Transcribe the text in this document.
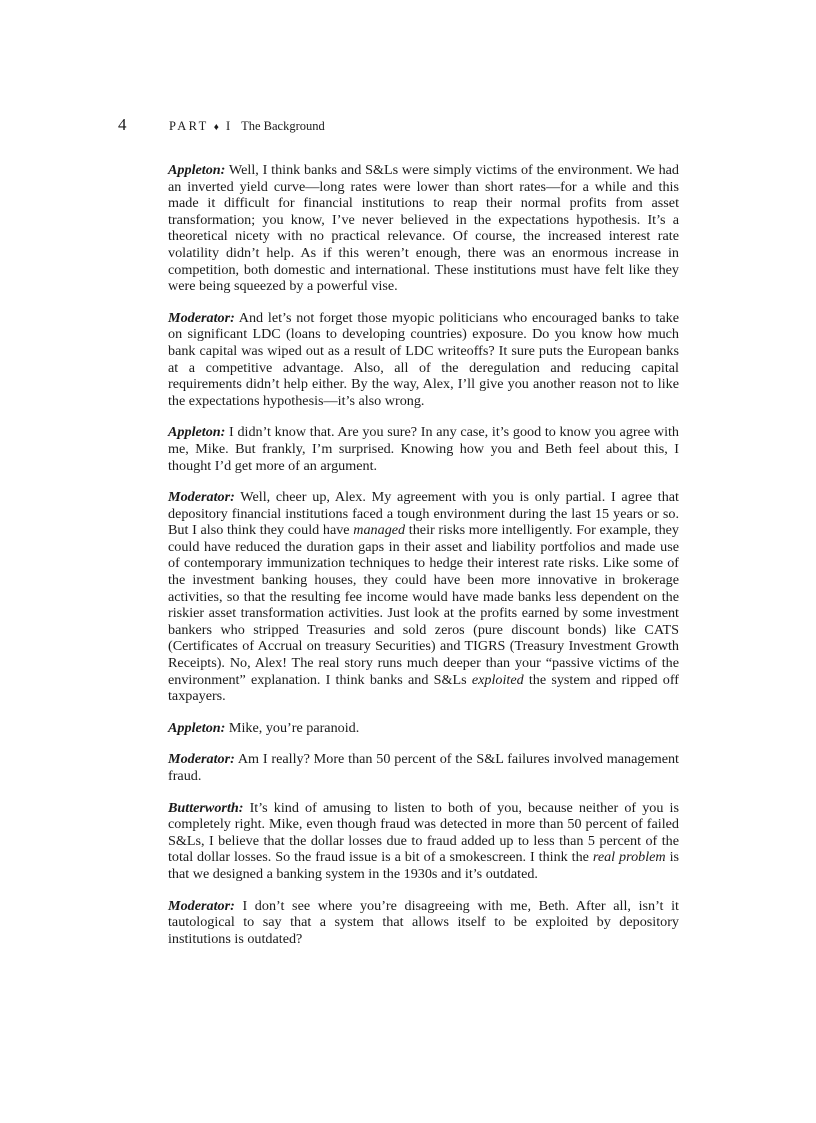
4	PART ♦ I The Background

Appleton: Well, I think banks and S&Ls were simply victims of the environment. We had an inverted yield curve—long rates were lower than short rates—for a while and this made it difficult for financial institutions to reap their normal profits from asset transformation; you know, I’ve never believed in the expectations hypothesis. It’s a theoretical nicety with no practical relevance. Of course, the increased interest rate volatility didn’t help. As if this weren’t enough, there was an enormous increase in competition, both domestic and international. These institutions must have felt like they were being squeezed by a powerful vise.

Moderator: And let’s not forget those myopic politicians who encouraged banks to take on significant LDC (loans to developing countries) exposure. Do you know how much bank capital was wiped out as a result of LDC writeoffs? It sure puts the European banks at a competitive advantage. Also, all of the deregulation and reducing capital requirements didn’t help either. By the way, Alex, I’ll give you another reason not to like the expectations hypothesis—it’s also wrong.

Appleton: I didn’t know that. Are you sure? In any case, it’s good to know you agree with me, Mike. But frankly, I’m surprised. Knowing how you and Beth feel about this, I thought I’d get more of an argument.

Moderator: Well, cheer up, Alex. My agreement with you is only partial. I agree that depository financial institutions faced a tough environment during the last 15 years or so. But I also think they could have managed their risks more intelligently. For example, they could have reduced the duration gaps in their asset and liability portfolios and made use of contemporary immunization techniques to hedge their interest rate risks. Like some of the investment banking houses, they could have been more innovative in brokerage activities, so that the resulting fee income would have made banks less dependent on the riskier asset transformation activities. Just look at the profits earned by some investment bankers who stripped Treasuries and sold zeros (pure discount bonds) like CATS (Certificates of Accrual on treasury Securities) and TIGRS (Treasury Investment Growth Receipts). No, Alex! The real story runs much deeper than your “passive victims of the environment” explanation. I think banks and S&Ls exploited the system and ripped off taxpayers.

Appleton: Mike, you’re paranoid.

Moderator: Am I really? More than 50 percent of the S&L failures involved management fraud.

Butterworth: It’s kind of amusing to listen to both of you, because neither of you is completely right. Mike, even though fraud was detected in more than 50 percent of failed S&Ls, I believe that the dollar losses due to fraud added up to less than 5 percent of the total dollar losses. So the fraud issue is a bit of a smokescreen. I think the real problem is that we designed a banking system in the 1930s and it’s outdated.

Moderator: I don’t see where you’re disagreeing with me, Beth. After all, isn’t it tautological to say that a system that allows itself to be exploited by depository institutions is outdated?
